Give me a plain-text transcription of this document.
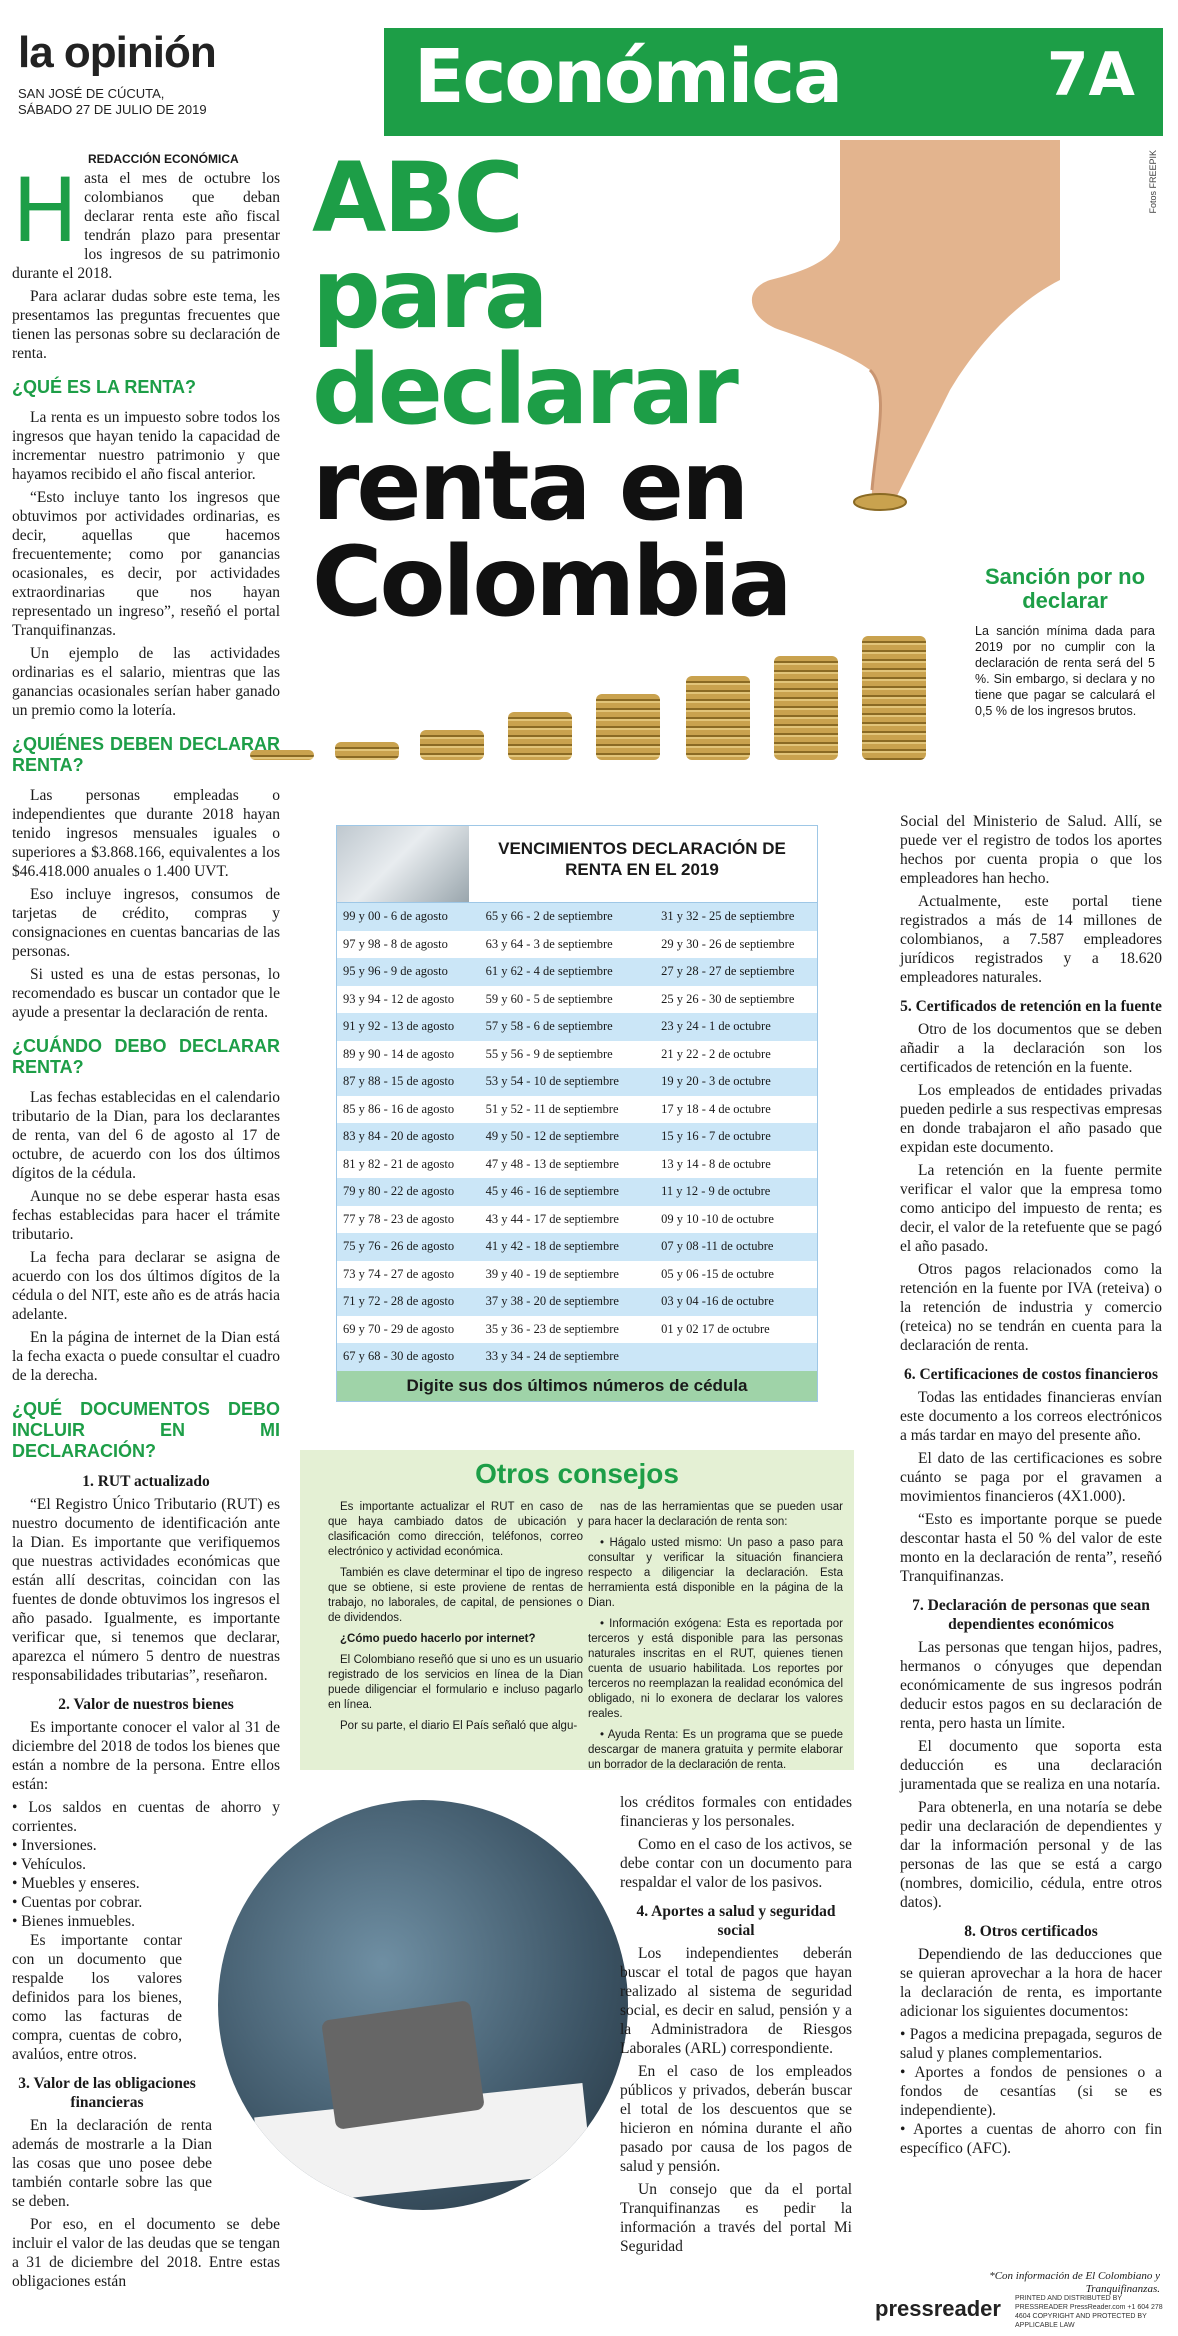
la opinión
SAN JOSÉ DE CÚCUTA,
SÁBADO 27 DE JULIO DE 2019	Económica	7A
Fotos FREEPIK
ABC para
declarar
renta en
Colombia	Sanción por no declarar
La sanción mínima dada para 2019 por no cumplir con la declaración de renta será del 5 %. Sin embargo, si declara y no tiene que pagar se calculará el 0,5 % de los ingresos brutos.
REDACCIÓN ECONÓMICA
H asta el mes de octubre los colombianos que deban declarar renta este año fiscal tendrán plazo para presentar los ingresos de su patrimonio durante el 2018.

Para aclarar dudas sobre este tema, les presentamos las preguntas frecuentes que tienen las personas sobre su declaración de renta.

¿QUÉ ES LA RENTA?

La renta es un impuesto sobre todos los ingresos que hayan tenido la capacidad de incrementar nuestro patrimonio y que hayamos recibido el año fiscal anterior.

“Esto incluye tanto los ingresos que obtuvimos por actividades ordinarias, es decir, aquellas que hacemos frecuentemente; como por ganancias ocasionales, es decir, por actividades extraordinarias que nos hayan representado un ingreso”, reseñó el portal Tranquifinanzas.

Un ejemplo de las actividades ordinarias es el salario, mientras que las ganancias ocasionales serían haber ganado un premio como la lotería.

¿QUIÉNES DEBEN DECLARAR RENTA?

Las personas empleadas o independientes que durante 2018 hayan tenido ingresos mensuales iguales o superiores a $3.868.166, equivalentes a los $46.418.000 anuales o 1.400 UVT.

Eso incluye ingresos, consumos de tarjetas de crédito, compras y consignaciones en cuentas bancarias de las personas.

Si usted es una de estas personas, lo recomendado es buscar un contador que le ayude a presentar la declaración de renta.

¿CUÁNDO DEBO DECLARAR RENTA?

Las fechas establecidas en el calendario tributario de la Dian, para los declarantes de renta, van del 6 de agosto al 17 de octubre, de acuerdo con los dos últimos dígitos de la cédula.

Aunque no se debe esperar hasta esas fechas establecidas para hacer el trámite tributario.

La fecha para declarar se asigna de acuerdo con los dos últimos dígitos de la cédula o del NIT, este año es de atrás hacia adelante.

En la página de internet de la Dian está la fecha exacta o puede consultar el cuadro de la derecha.

¿QUÉ DOCUMENTOS DEBO INCLUIR EN MI DECLARACIÓN?
1. RUT actualizado

“El Registro Único Tributario (RUT) es nuestro documento de identificación ante la Dian. Es importante que verifiquemos que nuestras actividades económicas que están allí descritas, coincidan con las fuentes de donde obtuvimos los ingresos el año pasado. Igualmente, es importante verificar que, si tenemos que declarar, aparezca el número 5 dentro de nuestras responsabilidades tributarias”, reseñaron.

2. Valor de nuestros bienes

Es importante conocer el valor al 31 de diciembre del 2018 de todos los bienes que están a nombre de la persona. Entre ellos están:

• Los saldos en cuentas de ahorro y corrientes.
• Inversiones.
• Vehículos.
• Muebles y enseres.
• Cuentas por cobrar.
• Bienes inmuebles.

Es importante contar con un documento que respalde los valores definidos para los bienes, como las facturas de compra, cuentas de cobro, avalúos, entre otros.

3. Valor de las obligaciones financieras

En la declaración de renta además de mostrarle a la Dian las cosas que uno posee debe también contarle sobre las que se deben.

Por eso, en el documento se debe incluir el valor de las deudas que se tengan a 31 de diciembre del 2018. Entre estas obligaciones están

VENCIMIENTOS DECLARACIÓN DE RENTA EN EL 2019
99 y 00 - 6 de agosto	65 y 66 - 2 de septiembre	31 y 32 - 25 de septiembre
97 y 98 - 8 de agosto	63 y 64 - 3 de septiembre	29 y 30 - 26 de septiembre
95 y 96 - 9 de agosto	61 y 62 - 4 de septiembre	27 y 28 - 27 de septiembre
93 y 94 - 12 de agosto	59 y 60 - 5 de septiembre	25 y 26 - 30 de septiembre
91 y 92 - 13 de agosto	57 y 58 - 6 de septiembre	23 y 24 - 1 de octubre
89 y 90 - 14 de agosto	55 y 56 - 9 de septiembre	21 y 22 - 2 de octubre
87 y 88 - 15 de agosto	53 y 54 - 10 de septiembre	19 y 20 - 3 de octubre
85 y 86 - 16 de agosto	51 y 52 - 11 de septiembre	17 y 18 - 4 de octubre
83 y 84 - 20 de agosto	49 y 50 - 12 de septiembre	15 y 16 - 7 de octubre
81 y 82 - 21 de agosto	47 y 48 - 13 de septiembre	13 y 14 - 8 de octubre
79 y 80 - 22 de agosto	45 y 46 - 16 de septiembre	11 y 12 - 9 de octubre
77 y 78 - 23 de agosto	43 y 44 - 17 de septiembre	09 y 10 -10 de octubre
75 y 76 - 26 de agosto	41 y 42 - 18 de septiembre	07 y 08 -11 de octubre
73 y 74 - 27 de agosto	39 y 40 - 19 de septiembre	05 y 06 -15 de octubre
71 y 72 - 28 de agosto	37 y 38 - 20 de septiembre	03 y 04 -16 de octubre
69 y 70 - 29 de agosto	35 y 36 - 23 de septiembre	01 y 02 17 de octubre
67 y 68 - 30 de agosto	33 y 34 - 24 de septiembre
Digite sus dos últimos números de cédula
Otros consejos

Es importante actualizar el RUT en caso de que haya cambiado datos de ubicación y clasificación como dirección, teléfonos, correo electrónico y actividad económica.

También es clave determinar el tipo de ingreso que se obtiene, si este proviene de rentas de trabajo, no laborales, de capital, de pensiones o de dividendos.

¿Cómo puedo hacerlo por internet?

El Colombiano reseñó que si uno es un usuario registrado de los servicios en línea de la Dian puede diligenciar el formulario e incluso pagarlo en línea.

Por su parte, el diario El País señaló que algu-

nas de las herramientas que se pueden usar para hacer la declaración de renta son:

• Hágalo usted mismo: Un paso a paso para consultar y verificar la situación financiera respecto a diligenciar la declaración. Esta herramienta está disponible en la página de la Dian.

• Información exógena: Esta es reportada por terceros y está disponible para las personas naturales inscritas en el RUT, quienes tienen cuenta de usuario habilitada. Los reportes por terceros no reemplazan la realidad económica del obligado, ni lo exonera de declarar los valores reales.

• Ayuda Renta: Es un programa que se puede descargar de manera gratuita y permite elaborar un borrador de la declaración de renta.

los créditos formales con entidades financieras y los personales.

Como en el caso de los activos, se debe contar con un documento para respaldar el valor de los pasivos.

4. Aportes a salud y seguridad social

Los independientes deberán buscar el total de pagos que hayan realizado al sistema de seguridad social, es decir en salud, pensión y a la Administradora de Riesgos Laborales (ARL) correspondiente.

En el caso de los empleados públicos y privados, deberán buscar el total de los descuentos que se hicieron en nómina durante el año pasado por causa de los pagos de salud y pensión.

Un consejo que da el portal Tranquifinanzas es pedir la información a través del portal Mi Seguridad

Social del Ministerio de Salud. Allí, se puede ver el registro de todos los aportes hechos por cuenta propia o que los empleadores han hecho.

Actualmente, este portal tiene registrados a más de 14 millones de colombianos, a 7.587 empleadores jurídicos registrados y a 18.620 empleadores naturales.

5. Certificados de retención en la fuente

Otro de los documentos que se deben añadir a la declaración son los certificados de retención en la fuente.

Los empleados de entidades privadas pueden pedirle a sus respectivas empresas en donde trabajaron el año pasado que expidan este documento.

La retención en la fuente permite verificar el valor que la empresa tomo como anticipo del impuesto de renta; es decir, el valor de la retefuente que se pagó el año pasado.

Otros pagos relacionados como la retención en la fuente por IVA (reteiva) o la retención de industria y comercio (reteica) no se tendrán en cuenta para la declaración de renta.

6. Certificaciones de costos financieros

Todas las entidades financieras envían este documento a los correos electrónicos a más tardar en mayo del presente año.

El dato de las certificaciones es sobre cuánto se paga por el gravamen a movimientos financieros (4X1.000).

“Esto es importante porque se puede descontar hasta el 50 % del valor de este monto en la declaración de renta”, reseñó Tranquifinanzas.

7. Declaración de personas que sean dependientes económicos

Las personas que tengan hijos, padres, hermanos o cónyuges que dependan económicamente de sus ingresos podrán deducir estos pagos en su declaración de renta, pero hasta un límite.

El documento que soporta esta deducción es una declaración juramentada que se realiza en una notaría.

Para obtenerla, en una notaría se debe pedir una declaración de dependientes y dar la información personal y de las personas de las que se está a cargo (nombres, domicilio, cédula, entre otros datos).

8. Otros certificados

Dependiendo de las deducciones que se quieran aprovechar a la hora de hacer la declaración de renta, es importante adicionar los siguientes documentos:

• Pagos a medicina prepagada, seguros de salud y planes complementarios.
• Aportes a fondos de pensiones o a fondos de cesantías (si se es independiente).
• Aportes a cuentas de ahorro con fin específico (AFC).
*Con información de El Colombiano y Tranquifinanzas.
pressreader PRINTED AND DISTRIBUTED BY PRESSREADER PressReader.com +1 604 278 4604 COPYRIGHT AND PROTECTED BY APPLICABLE LAW
